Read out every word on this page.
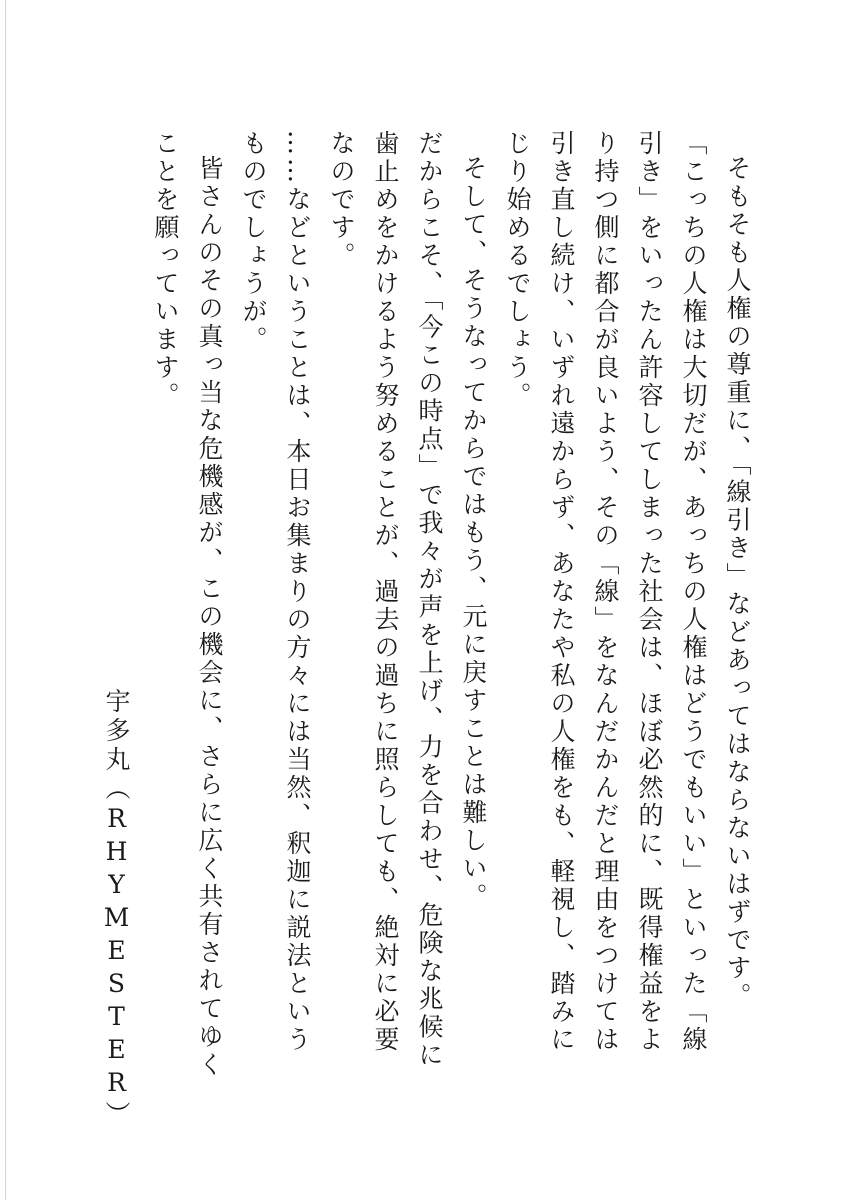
そもそも人権の尊重に、「線引き」などあってはならないはずです。

「こっちの人権は大切だが、あっちの人権はどうでもいい」といった「線引き」をいったん許容してしまった社会は、ほぼ必然的に、既得権益をより持つ側に都合が良いよう、その「線」をなんだかんだと理由をつけては引き直し続け、いずれ遠からず、あなたや私の人権をも、軽視し、踏みにじり始めるでしょう。

そして、そうなってからではもう、元に戻すことは難しい。

だからこそ、「今この時点」で我々が声を上げ、力を合わせ、危険な兆候に歯止めをかけるよう努めることが、過去の過ちに照らしても、絶対に必要なのです。

……などということは、本日お集まりの方々には当然、釈迦に説法というものでしょうが。

皆さんのその真っ当な危機感が、この機会に、さらに広く共有されてゆくことを願っています。

宇多丸（RHYMESTER）
